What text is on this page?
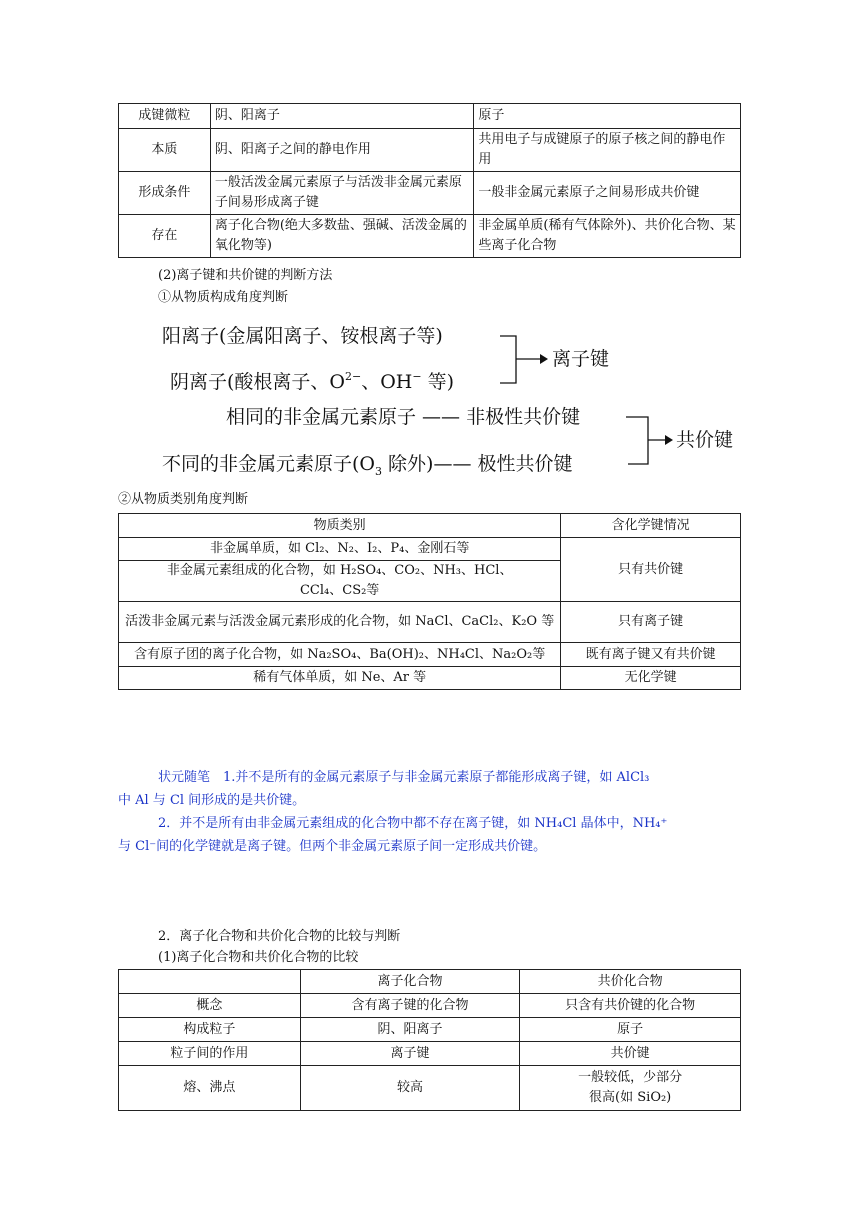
成键微粒	阴、阳离子	原子
本质	阴、阳离子之间的静电作用	共用电子与成键原子的原子核之间的静电作用
形成条件	一般活泼金属元素原子与活泼非金属元素原子间易形成离子键	一般非金属元素原子之间易形成共价键
存在	离子化合物(绝大多数盐、强碱、活泼金属的氧化物等)	非金属单质(稀有气体除外)、共价化合物、某些离子化合物
(2)离子键和共价键的判断方法
①从物质构成角度判断
阳离子(金属阳离子、铵根离子等)
阴离子(酸根离子、$O^{2-}$、OH− 等)
离子键
相同的非金属元素原子 —— 非极性共价键
不同的非金属元素原子($O_3$ 除外)—— 极性共价键
共价键
②从物质类别角度判断
物质类别	含化学键情况
非金属单质，如 Cl₂、N₂、I₂、P₄、金刚石等	只有共价键
非金属元素组成的化合物，如 H₂SO₄、CO₂、NH₃、HCl、CCl₄、CS₂等	
活泼非金属元素与活泼金属元素形成的化合物，如 NaCl、CaCl₂、K₂O 等	只有离子键
含有原子团的离子化合物，如 Na₂SO₄、Ba(OH)₂、NH₄Cl、Na₂O₂等	既有离子键又有共价键
稀有气体单质，如 Ne、Ar 等	无化学键
状元随笔　1.并不是所有的金属元素原子与非金属元素原子都能形成离子键，如 AlCl₃
中 Al 与 Cl 间形成的是共价键。
2．并不是所有由非金属元素组成的化合物中都不存在离子键，如 NH₄Cl 晶体中，NH₄⁺
与 Cl⁻间的化学键就是离子键。但两个非金属元素原子间一定形成共价键。
2．离子化合物和共价化合物的比较与判断
(1)离子化合物和共价化合物的比较
	离子化合物	共价化合物
概念	含有离子键的化合物	只含有共价键的化合物
构成粒子	阴、阳离子	原子
粒子间的作用	离子键	共价键
熔、沸点	较高	一般较低，少部分
很高(如 SiO₂)
